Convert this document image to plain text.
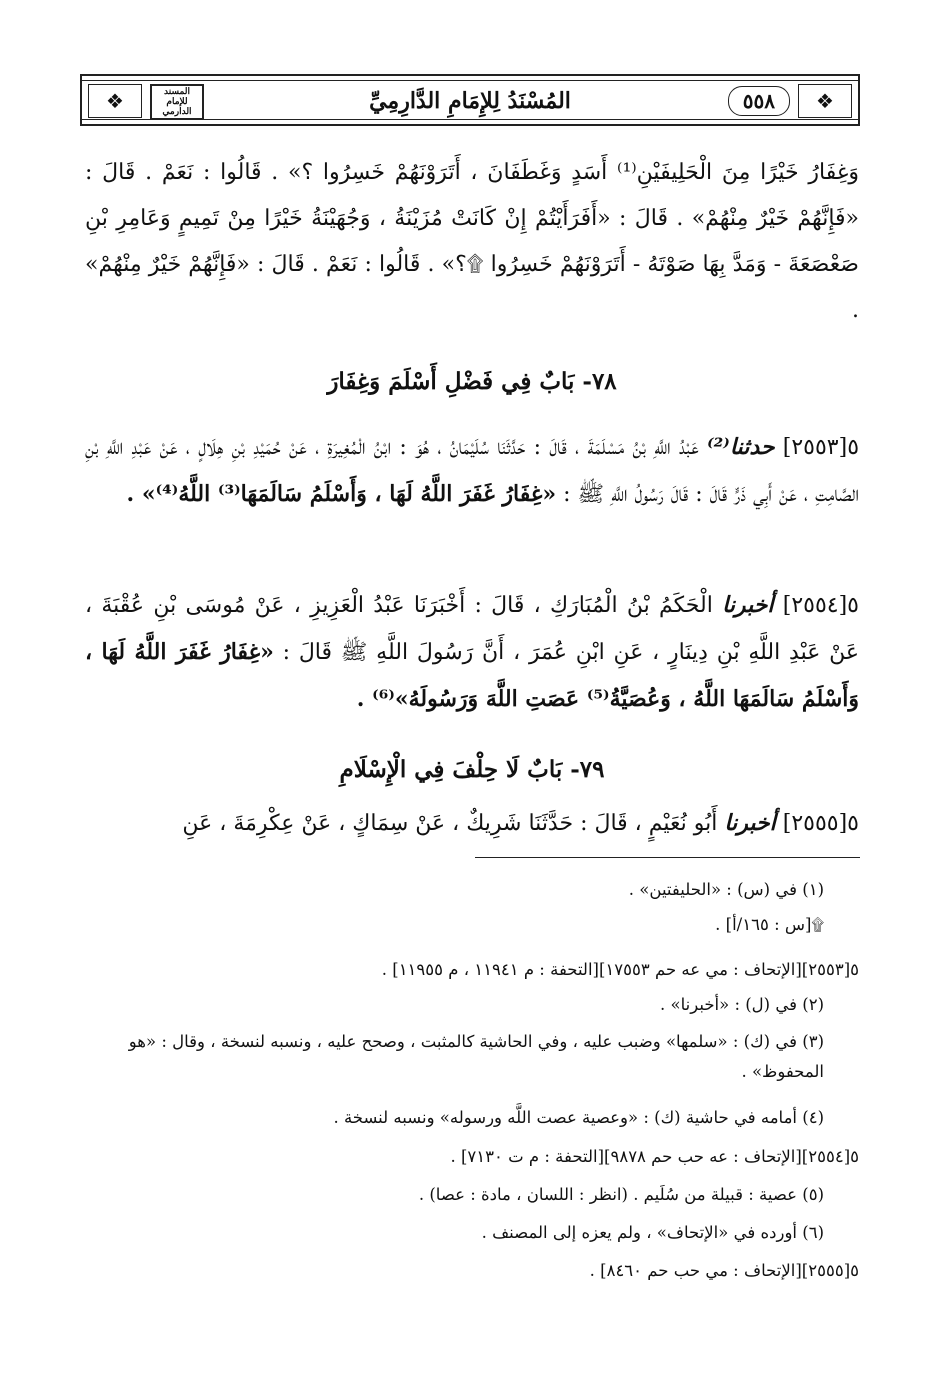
❖
❖	٥٥٨
المُسْنَدُ لِلإِمَامِ الدَّارِمِيِّ
المسند للإمام الدارمي
وَغِفَارُ خَيْرًا مِنَ الْحَلِيفَيْنِ⁽¹⁾ أَسَدٍ وَغَطَفَانَ ، أَتَرَوْنَهُمْ خَسِرُوا ؟» . قَالُوا : نَعَمْ . قَالَ : «فَإِنَّهُمْ خَيْرٌ مِنْهُمْ» . قَالَ : «أَفَرَأَيْتُمْ إِنْ كَانَتْ مُزَيْنَةُ ، وَجُهَيْنَةُ خَيْرًا مِنْ تَمِيمٍ وَعَامِرِ بْنِ صَعْصَعَةَ - وَمَدَّ بِهَا صَوْتَهُ - أَتَرَوْنَهُمْ خَسِرُوا ۩؟» . قَالُوا : نَعَمْ . قَالَ : «فَإِنَّهُمْ خَيْرٌ مِنْهُمْ» .
٧٨- بَابٌ فِي فَضْلِ أَسْلَمَ وَغِفَارَ
٥[٢٥٥٣] حدثنا⁽²⁾ عَبْدُ اللَّهِ بْنُ مَسْلَمَةَ ، قَالَ : حَدَّثَنَا سُلَيْمَانُ ، هُوَ : ابْنُ الْمُغِيرَةِ ، عَنْ حُمَيْدِ بْنِ هِلَالٍ ، عَنْ عَبْدِ اللَّهِ بْنِ الصَّامِتِ ، عَنْ أَبِي ذَرٍّ قَالَ : قَالَ رَسُولُ اللَّهِ ﷺ : «غِفَارُ غَفَرَ اللَّهُ لَهَا ، وَأَسْلَمُ سَالَمَهَا⁽³⁾ اللَّهُ⁽⁴⁾» .
٥[٢٥٥٤] أخبرنا الْحَكَمُ بْنُ الْمُبَارَكِ ، قَالَ : أَخْبَرَنَا عَبْدُ الْعَزِيزِ ، عَنْ مُوسَى بْنِ عُقْبَةَ ، عَنْ عَبْدِ اللَّهِ بْنِ دِينَارٍ ، عَنِ ابْنِ عُمَرَ ، أَنَّ رَسُولَ اللَّهِ ﷺ قَالَ : «غِفَارُ غَفَرَ اللَّهُ لَهَا ، وَأَسْلَمُ سَالَمَهَا اللَّهُ ، وَعُصَيَّةُ⁽⁵⁾ عَصَتِ اللَّهَ وَرَسُولَهُ»⁽⁶⁾ .
٧٩- بَابٌ لَا حِلْفَ فِي الْإِسْلَامِ
٥[٢٥٥٥] أخبرنا أَبُو نُعَيْمٍ ، قَالَ : حَدَّثَنَا شَرِيكٌ ، عَنْ سِمَاكٍ ، عَنْ عِكْرِمَةَ ، عَنِ
(١) في (س) : «الحليفتين» .
۩[س : ١٦٥/أ] .
٥[٢٥٥٣][الإتحاف : مي عه حم ١٧٥٥٣][التحفة : م ١١٩٤١ ، م ١١٩٥٥] .
(٢) في (ل) : «أخبرنا» .
(٣) في (ك) : «سلمها» وضبب عليه ، وفي الحاشية كالمثبت ، وصحح عليه ، ونسبه لنسخة ، وقال : «هو المحفوظ» .
(٤) أمامه في حاشية (ك) : «وعصية عصت اللَّه ورسوله» ونسبه لنسخة .
٥[٢٥٥٤][الإتحاف : عه حب حم ٩٨٧٨][التحفة : م ت ٧١٣٠] .
(٥) عصية : قبيلة من سُلَيم . (انظر : اللسان ، مادة : عصا) .
(٦) أورده في «الإتحاف» ، ولم يعزه إلى المصنف .
٥[٢٥٥٥][الإتحاف : مي حب حم ٨٤٦٠] .
